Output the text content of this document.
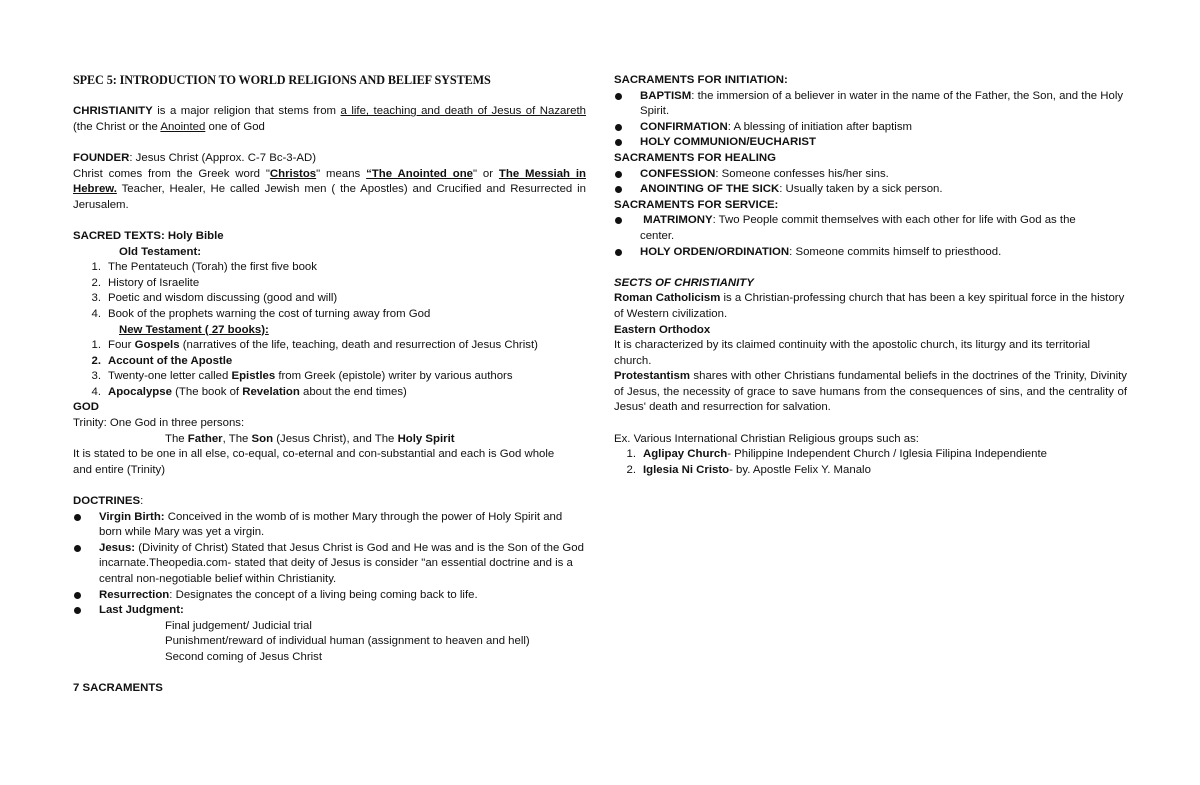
SPEC 5: INTRODUCTION TO WORLD RELIGIONS AND BELIEF SYSTEMS

CHRISTIANITY is a major religion that stems from a life, teaching and death of Jesus of Nazareth (the Christ or the Anointed one of God

FOUNDER: Jesus Christ (Approx. C-7 Bc-3-AD)

Christ comes from the Greek word "Christos" means “The Anointed one" or The Messiah in Hebrew. Teacher, Healer, He called Jewish men ( the Apostles) and Crucified and Resurrected in Jerusalem.

SACRED TEXTS: Holy Bible

Old Testament:

1. The Pentateuch (Torah) the first five book
2. History of Israelite
3. Poetic and wisdom discussing (good and will)
4. Book of the prophets warning the cost of turning away from God

New Testament ( 27 books):

1. Four Gospels (narratives of the life, teaching, death and resurrection of Jesus Christ)
2. Account of the Apostle
3. Twenty-one letter called Epistles from Greek (epistole) writer by various authors
4. Apocalypse (The book of Revelation about the end times)

GOD

Trinity: One God in three persons:

The Father, The Son (Jesus Christ), and The Holy Spirit

It is stated to be one in all else, co-equal, co-eternal and con-substantial and each is God whole and entire (Trinity)

DOCTRINES:

Virgin Birth: Conceived in the womb of is mother Mary through the power of Holy Spirit and born while Mary was yet a virgin.
Jesus: (Divinity of Christ) Stated that Jesus Christ is God and He was and is the Son of the God incarnate.Theopedia.com- stated that deity of Jesus is consider "an essential doctrine and is a central non-negotiable belief within Christianity.
Resurrection: Designates the concept of a living being coming back to life.
Last Judgment:

Final judgement/ Judicial trial

Punishment/reward of individual human (assignment to heaven and hell)

Second coming of Jesus Christ

7 SACRAMENTS

SACRAMENTS FOR INITIATION:

BAPTISM: the immersion of a believer in water in the name of the Father, the Son, and the Holy Spirit.
CONFIRMATION: A blessing of initiation after baptism
HOLY COMMUNION/EUCHARIST

SACRAMENTS FOR HEALING

CONFESSION: Someone confesses his/her sins.
ANOINTING OF THE SICK: Usually taken by a sick person.

SACRAMENTS FOR SERVICE:

MATRIMONY: Two People commit themselves with each other for life with God as the center.
HOLY ORDEN/ORDINATION: Someone commits himself to priesthood.

SECTS OF CHRISTIANITY

Roman Catholicism is a Christian-professing church that has been a key spiritual force in the history of Western civilization.

Eastern Orthodox

It is characterized by its claimed continuity with the apostolic church, its liturgy and its territorial church.

Protestantism shares with other Christians fundamental beliefs in the doctrines of the Trinity, Divinity of Jesus, the necessity of grace to save humans from the consequences of sins, and the centrality of Jesus' death and resurrection for salvation.

Ex. Various International Christian Religious groups such as:

1. Aglipay Church- Philippine Independent Church / Iglesia Filipina Independiente
2. Iglesia Ni Cristo- by. Apostle Felix Y. Manalo
